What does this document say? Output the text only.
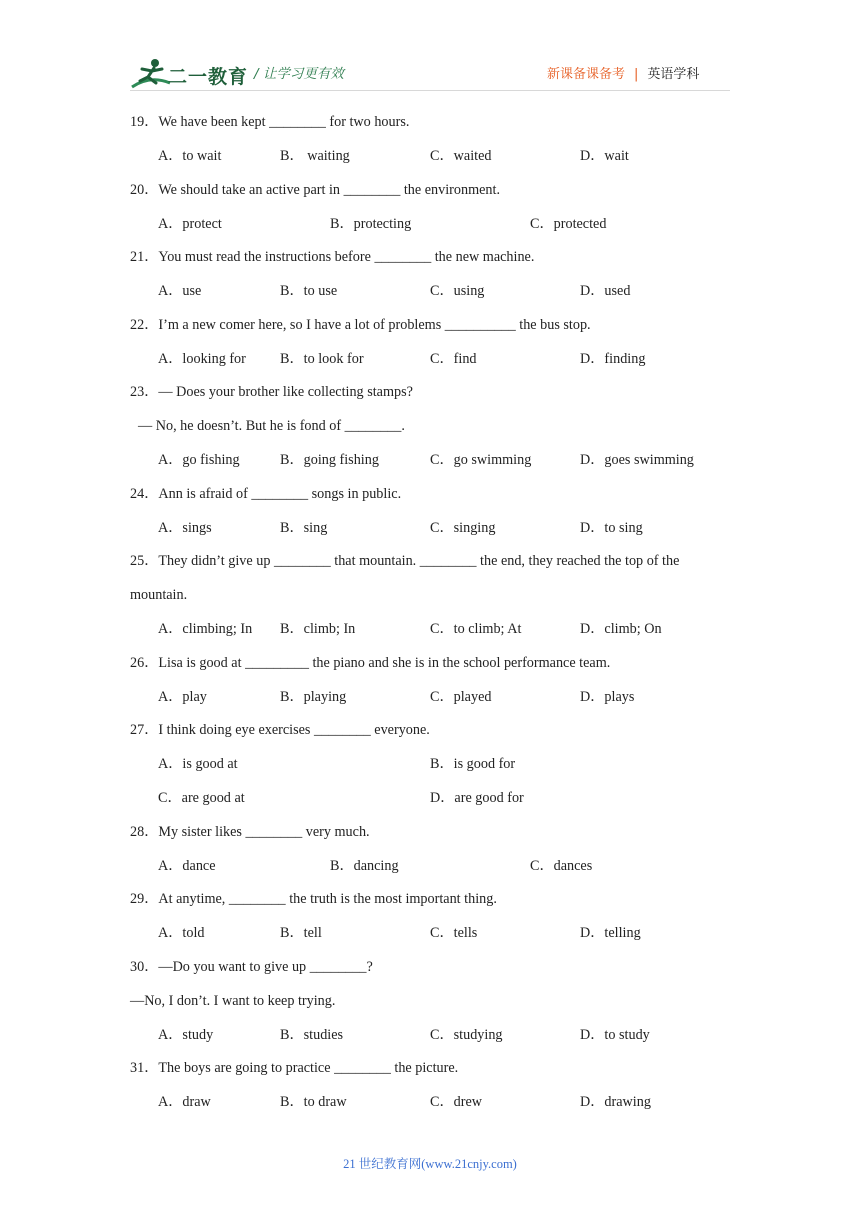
二一教育 / 让学习更有效	新课备课备考 | 英语学科
19．We have been kept ________ for two hours.
A．to wait	B． waiting	C．waited	D．wait
20．We should take an active part in ________ the environment.
A．protect	B．protecting	C．protected
21．You must read the instructions before ________ the new machine.
A．use	B．to use	C．using	D．used
22．I’m a new comer here, so I have a lot of problems __________ the bus stop.
A．looking for B．to look for	C．find	D．finding
23．— Does your brother like collecting stamps?
— No, he doesn’t. But he is fond of ________.
A．go fishing	B．going fishing	C．go swimming	D．goes swimming
24．Ann is afraid of ________ songs in public.
A．sings	B．sing	C．singing	D．to sing
25．They didn’t give up ________ that mountain. ________ the end, they reached the top of the
mountain.
A．climbing; In B．climb; In	C．to climb; At	D．climb; On
26．Lisa is good at _________ the piano and she is in the school performance team.
A．play	B．playing	C．played	D．plays
27．I think doing eye exercises ________ everyone.
A．is good at	B．is good for
C．are good at	D．are good for
28．My sister likes ________ very much.
A．dance	B．dancing	C．dances
29．At anytime, ________ the truth is the most important thing.
A．told	B．tell	C．tells	D．telling
30．—Do you want to give up ________?
—No, I don’t. I want to keep trying.
A．study	B．studies	C．studying	D．to study
31．The boys are going to practice ________ the picture.
A．draw	B．to draw	C．drew	D．drawing
21 世纪教育网(www.21cnjy.com)
